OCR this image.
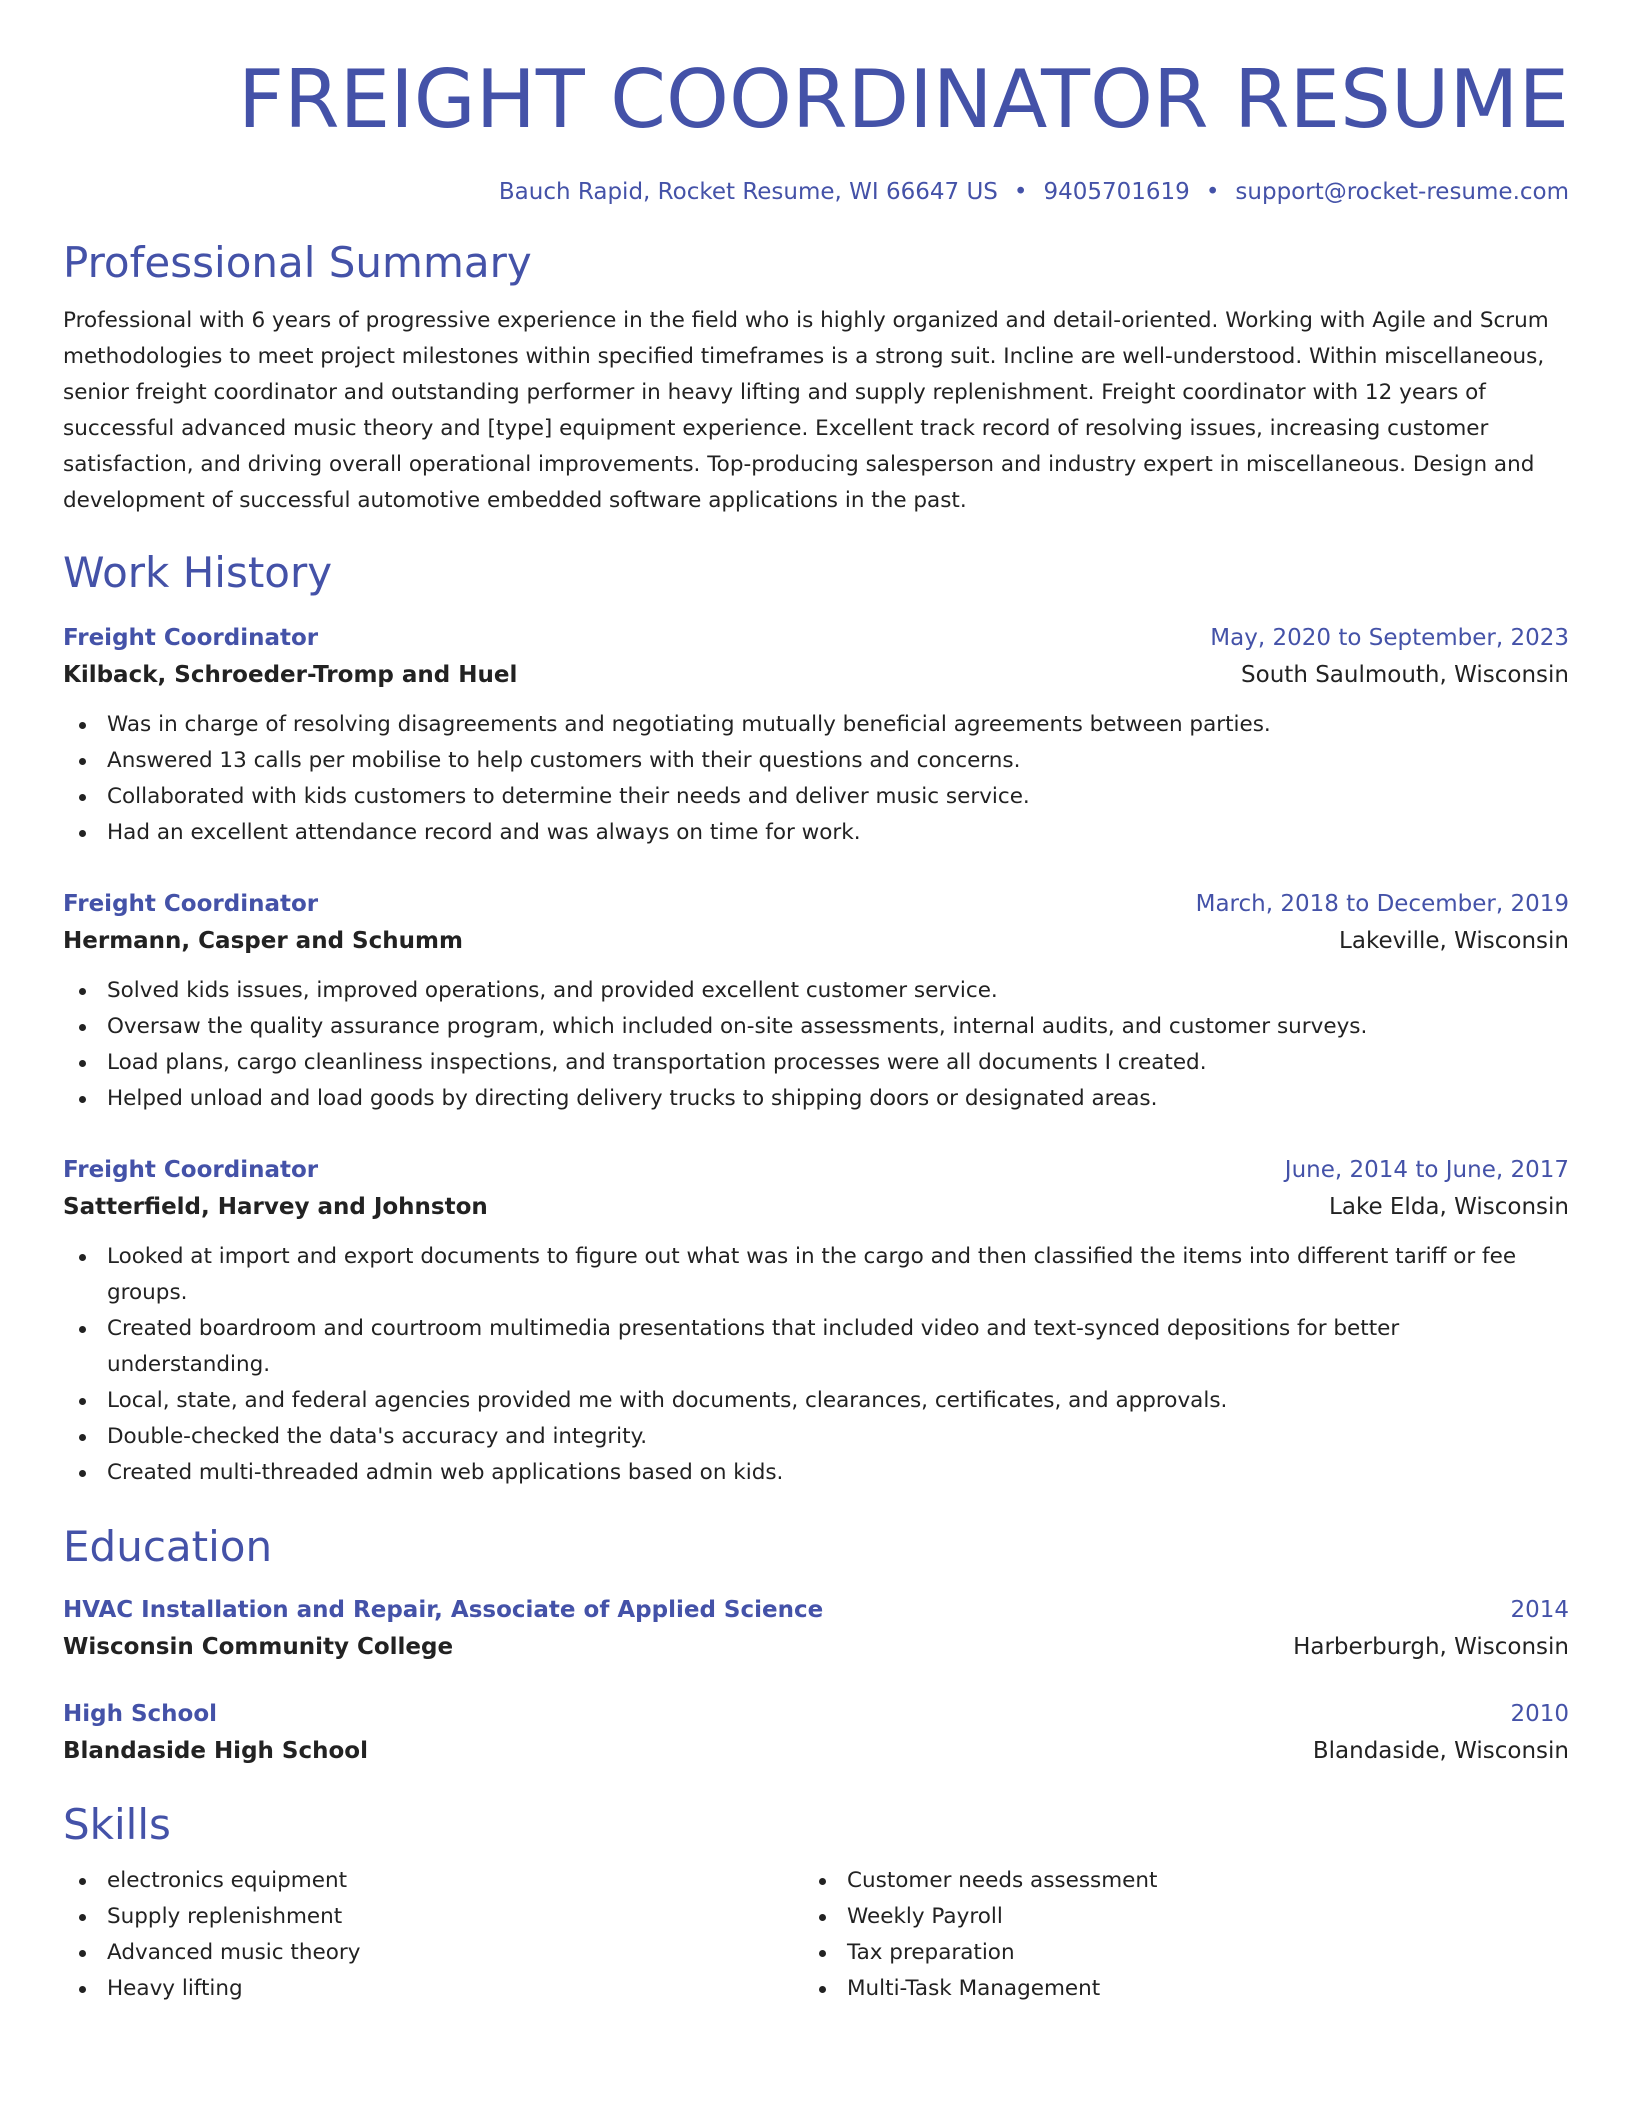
FREIGHT COORDINATOR RESUME
Bauch Rapid, Rocket Resume, WI 66647 US • 9405701619 • support@rocket-resume.com
Professional Summary

Professional with 6 years of progressive experience in the field who is highly organized and detail-oriented. Working with Agile and Scrum methodologies to meet project milestones within specified timeframes is a strong suit. Incline are well-understood. Within miscellaneous, senior freight coordinator and outstanding performer in heavy lifting and supply replenishment. Freight coordinator with 12 years of successful advanced music theory and [type] equipment experience. Excellent track record of resolving issues, increasing customer satisfaction, and driving overall operational improvements. Top-producing salesperson and industry expert in miscellaneous. Design and development of successful automotive embedded software applications in the past.

Work History
Freight Coordinator	May, 2020 to September, 2023
Kilback, Schroeder-Tromp and Huel	South Saulmouth, Wisconsin
Was in charge of resolving disagreements and negotiating mutually beneficial agreements between parties.
Answered 13 calls per mobilise to help customers with their questions and concerns.
Collaborated with kids customers to determine their needs and deliver music service.
Had an excellent attendance record and was always on time for work.
Freight Coordinator	March, 2018 to December, 2019
Hermann, Casper and Schumm	Lakeville, Wisconsin
Solved kids issues, improved operations, and provided excellent customer service.
Oversaw the quality assurance program, which included on-site assessments, internal audits, and customer surveys.
Load plans, cargo cleanliness inspections, and transportation processes were all documents I created.
Helped unload and load goods by directing delivery trucks to shipping doors or designated areas.
Freight Coordinator	June, 2014 to June, 2017
Satterfield, Harvey and Johnston	Lake Elda, Wisconsin
Looked at import and export documents to figure out what was in the cargo and then classified the items into different tariff or fee groups.
Created boardroom and courtroom multimedia presentations that included video and text-synced depositions for better understanding.
Local, state, and federal agencies provided me with documents, clearances, certificates, and approvals.
Double-checked the data's accuracy and integrity.
Created multi-threaded admin web applications based on kids.
Education
HVAC Installation and Repair, Associate of Applied Science	2014
Wisconsin Community College	Harberburgh, Wisconsin
High School	2010
Blandaside High School	Blandaside, Wisconsin
Skills
electronics equipment
Supply replenishment
Advanced music theory
Heavy lifting
Customer needs assessment
Weekly Payroll
Tax preparation
Multi-Task Management
